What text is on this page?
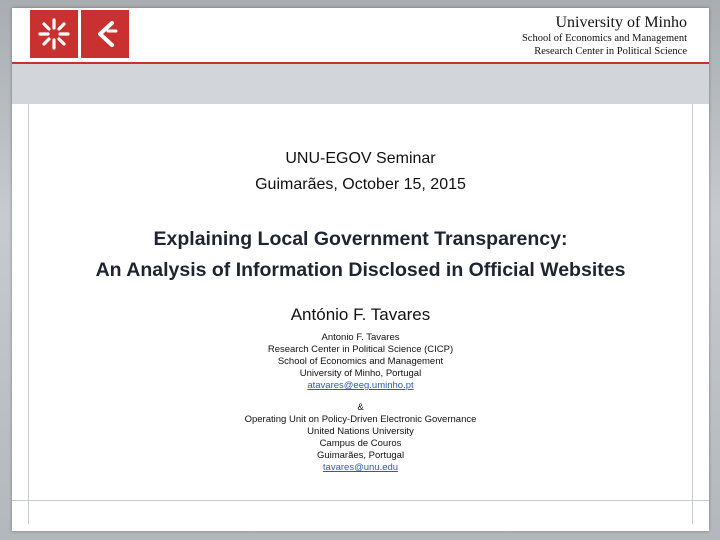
University of Minho
School of Economics and Management
Research Center in Political Science
UNU-EGOV Seminar
Guimarães, October 15, 2015
Explaining Local Government Transparency:
An Analysis of Information Disclosed in Official Websites
António F. Tavares
Antonio F. Tavares
Research Center in Political Science (CICP)
School of Economics and Management
University of Minho, Portugal
atavares@eeg.uminho.pt
&
Operating Unit on Policy-Driven Electronic Governance
United Nations University
Campus de Couros
Guimarães, Portugal
tavares@unu.edu
